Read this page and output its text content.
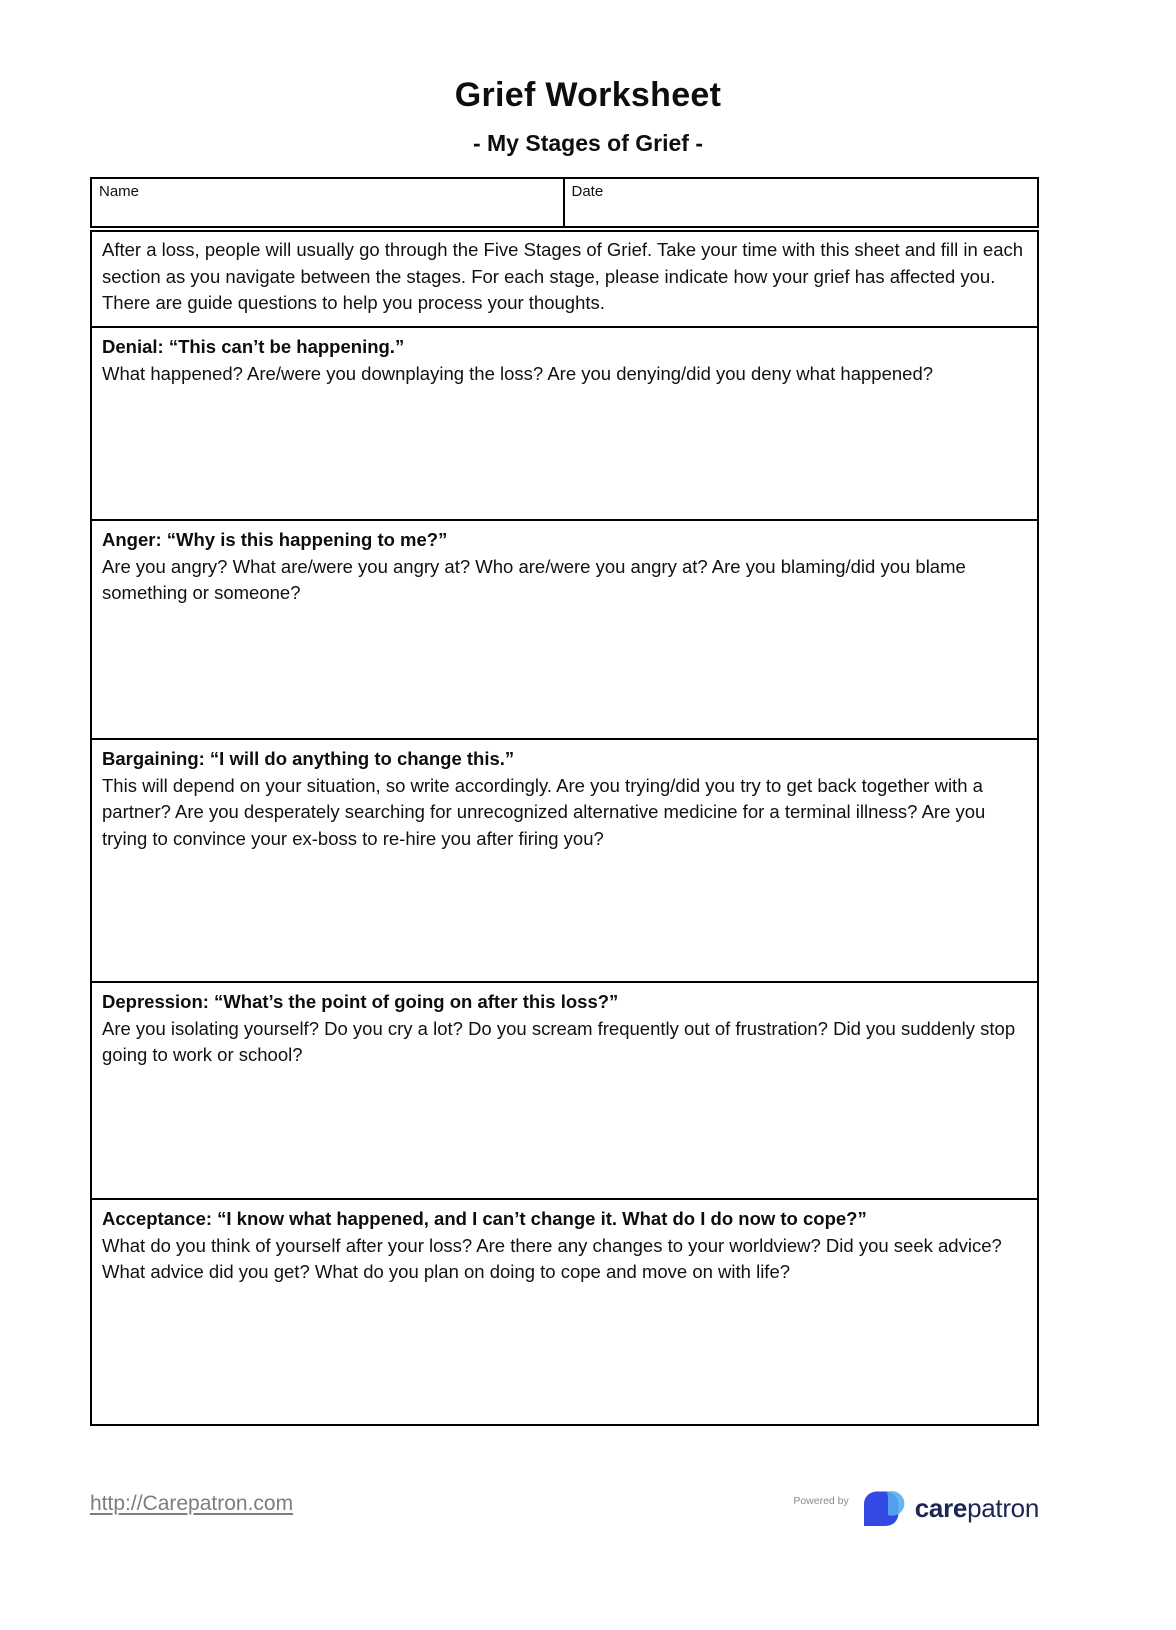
Grief Worksheet
- My Stages of Grief -
Name	Date
After a loss, people will usually go through the Five Stages of Grief. Take your time with this sheet and fill in each section as you navigate between the stages. For each stage, please indicate how your grief has affected you. There are guide questions to help you process your thoughts.
Denial: “This can’t be happening.”
What happened? Are/were you downplaying the loss? Are you denying/did you deny what happened?
Anger: “Why is this happening to me?”
Are you angry? What are/were you angry at? Who are/were you angry at? Are you blaming/did you blame something or someone?
Bargaining: “I will do anything to change this.”
This will depend on your situation, so write accordingly. Are you trying/did you try to get back together with a partner? Are you desperately searching for unrecognized alternative medicine for a terminal illness? Are you trying to convince your ex-boss to re-hire you after firing you?
Depression: “What’s the point of going on after this loss?”
Are you isolating yourself? Do you cry a lot? Do you scream frequently out of frustration? Did you suddenly stop going to work or school?
Acceptance: “I know what happened, and I can’t change it. What do I do now to cope?”
What do you think of yourself after your loss? Are there any changes to your worldview? Did you seek advice? What advice did you get? What do you plan on doing to cope and move on with life?
http://Carepatron.com	Powered by	carepatron
